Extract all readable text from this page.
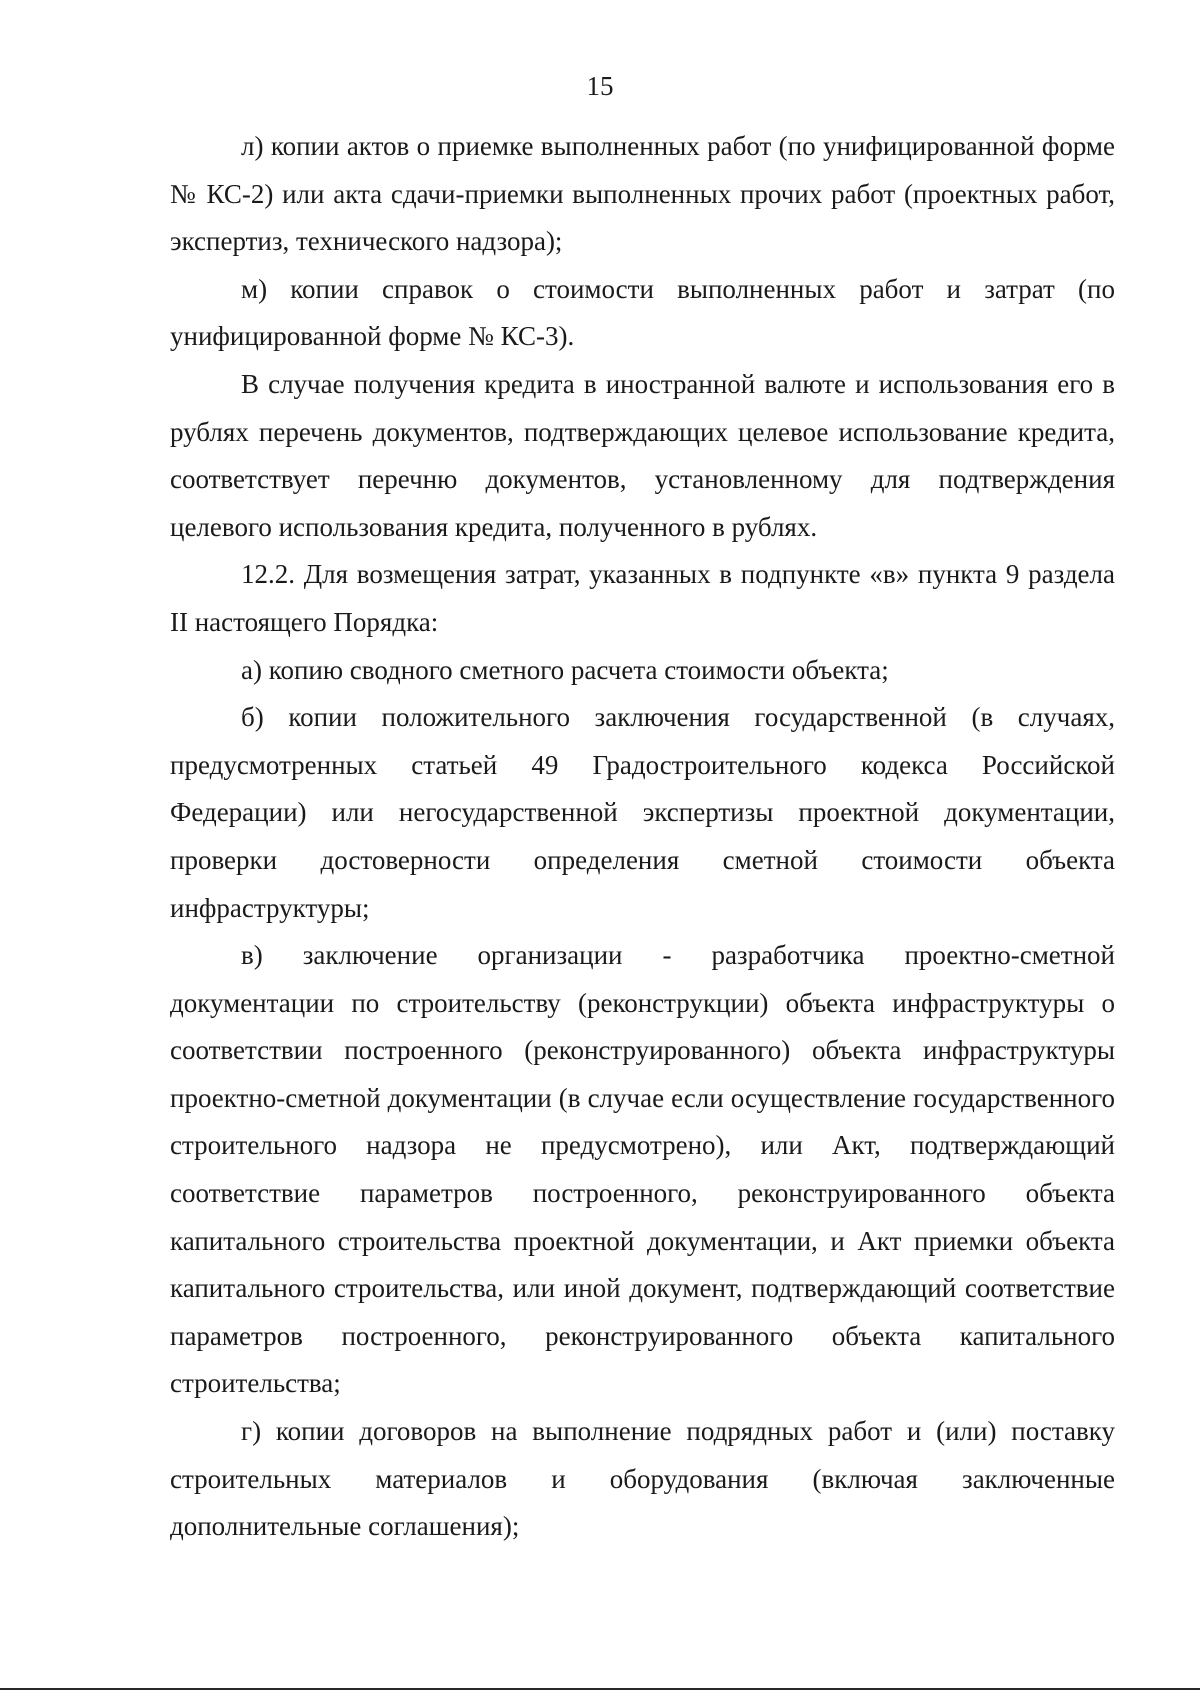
15

л) копии актов о приемке выполненных работ (по унифицированной форме № КС-2) или акта сдачи-приемки выполненных прочих работ (проектных работ, экспертиз, технического надзора);

м) копии справок о стоимости выполненных работ и затрат (по унифицированной форме № КС-3).

В случае получения кредита в иностранной валюте и использования его в рублях перечень документов, подтверждающих целевое использование кредита, соответствует перечню документов, установленному для подтверждения целевого использования кредита, полученного в рублях.

12.2. Для возмещения затрат, указанных в подпункте «в» пункта 9 раздела II настоящего Порядка:

а) копию сводного сметного расчета стоимости объекта;

б) копии положительного заключения государственной (в случаях, предусмотренных статьей 49 Градостроительного кодекса Российской Федерации) или негосударственной экспертизы проектной документации, проверки достоверности определения сметной стоимости объекта инфраструктуры;

в) заключение организации - разработчика проектно-сметной документации по строительству (реконструкции) объекта инфраструктуры о соответствии построенного (реконструированного) объекта инфраструктуры проектно-сметной документации (в случае если осуществление государственного строительного надзора не предусмотрено), или Акт, подтверждающий соответствие параметров построенного, реконструированного объекта капитального строительства проектной документации, и Акт приемки объекта капитального строительства, или иной документ, подтверждающий соответствие параметров построенного, реконструированного объекта капитального строительства;

г) копии договоров на выполнение подрядных работ и (или) поставку строительных материалов и оборудования (включая заключенные дополнительные соглашения);
